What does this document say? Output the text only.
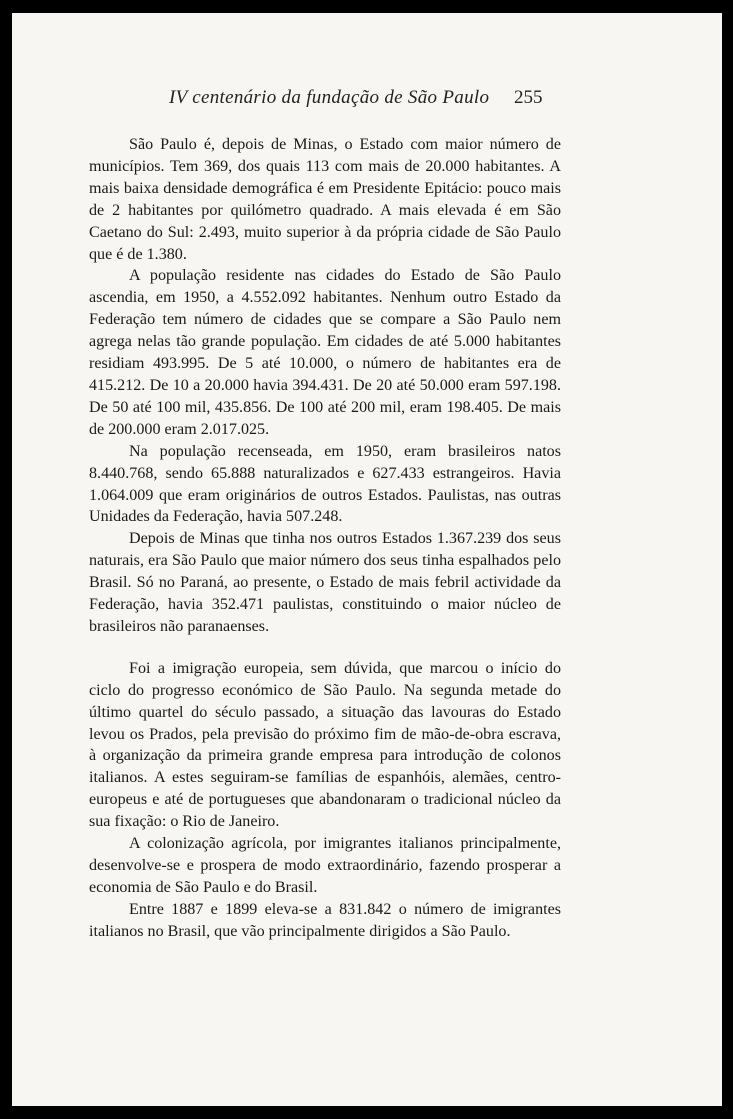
IV centenário da fundação de São Paulo 255

São Paulo é, depois de Minas, o Estado com maior número de municípios. Tem 369, dos quais 113 com mais de 20.000 habitantes. A mais baixa densidade demográfica é em Presidente Epitácio: pouco mais de 2 habitantes por quilómetro quadrado. A mais elevada é em São Caetano do Sul: 2.493, muito superior à da própria cidade de São Paulo que é de 1.380.

A população residente nas cidades do Estado de São Paulo ascendia, em 1950, a 4.552.092 habitantes. Nenhum outro Estado da Federação tem número de cidades que se compare a São Paulo nem agrega nelas tão grande população. Em cidades de até 5.000 habitantes residiam 493.995. De 5 até 10.000, o número de habitantes era de 415.212. De 10 a 20.000 havia 394.431. De 20 até 50.000 eram 597.198. De 50 até 100 mil, 435.856. De 100 até 200 mil, eram 198.405. De mais de 200.000 eram 2.017.025.

Na população recenseada, em 1950, eram brasileiros natos 8.440.768, sendo 65.888 naturalizados e 627.433 estrangeiros. Havia 1.064.009 que eram originários de outros Estados. Paulistas, nas outras Unidades da Federação, havia 507.248.

Depois de Minas que tinha nos outros Estados 1.367.239 dos seus naturais, era São Paulo que maior número dos seus tinha espalhados pelo Brasil. Só no Paraná, ao presente, o Estado de mais febril actividade da Federação, havia 352.471 paulistas, constituindo o maior núcleo de brasileiros não paranaenses.

Foi a imigração europeia, sem dúvida, que marcou o início do ciclo do progresso económico de São Paulo. Na segunda metade do último quartel do século passado, a situação das lavouras do Estado levou os Prados, pela previsão do próximo fim de mão-de-obra escrava, à organização da primeira grande empresa para introdução de colonos italianos. A estes seguiram-se famílias de espanhóis, alemães, centro-europeus e até de portugueses que abandonaram o tradicional núcleo da sua fixação: o Rio de Janeiro.

A colonização agrícola, por imigrantes italianos principalmente, desenvolve-se e prospera de modo extraordinário, fazendo prosperar a economia de São Paulo e do Brasil.

Entre 1887 e 1899 eleva-se a 831.842 o número de imigrantes italianos no Brasil, que vão principalmente dirigidos a São Paulo.
